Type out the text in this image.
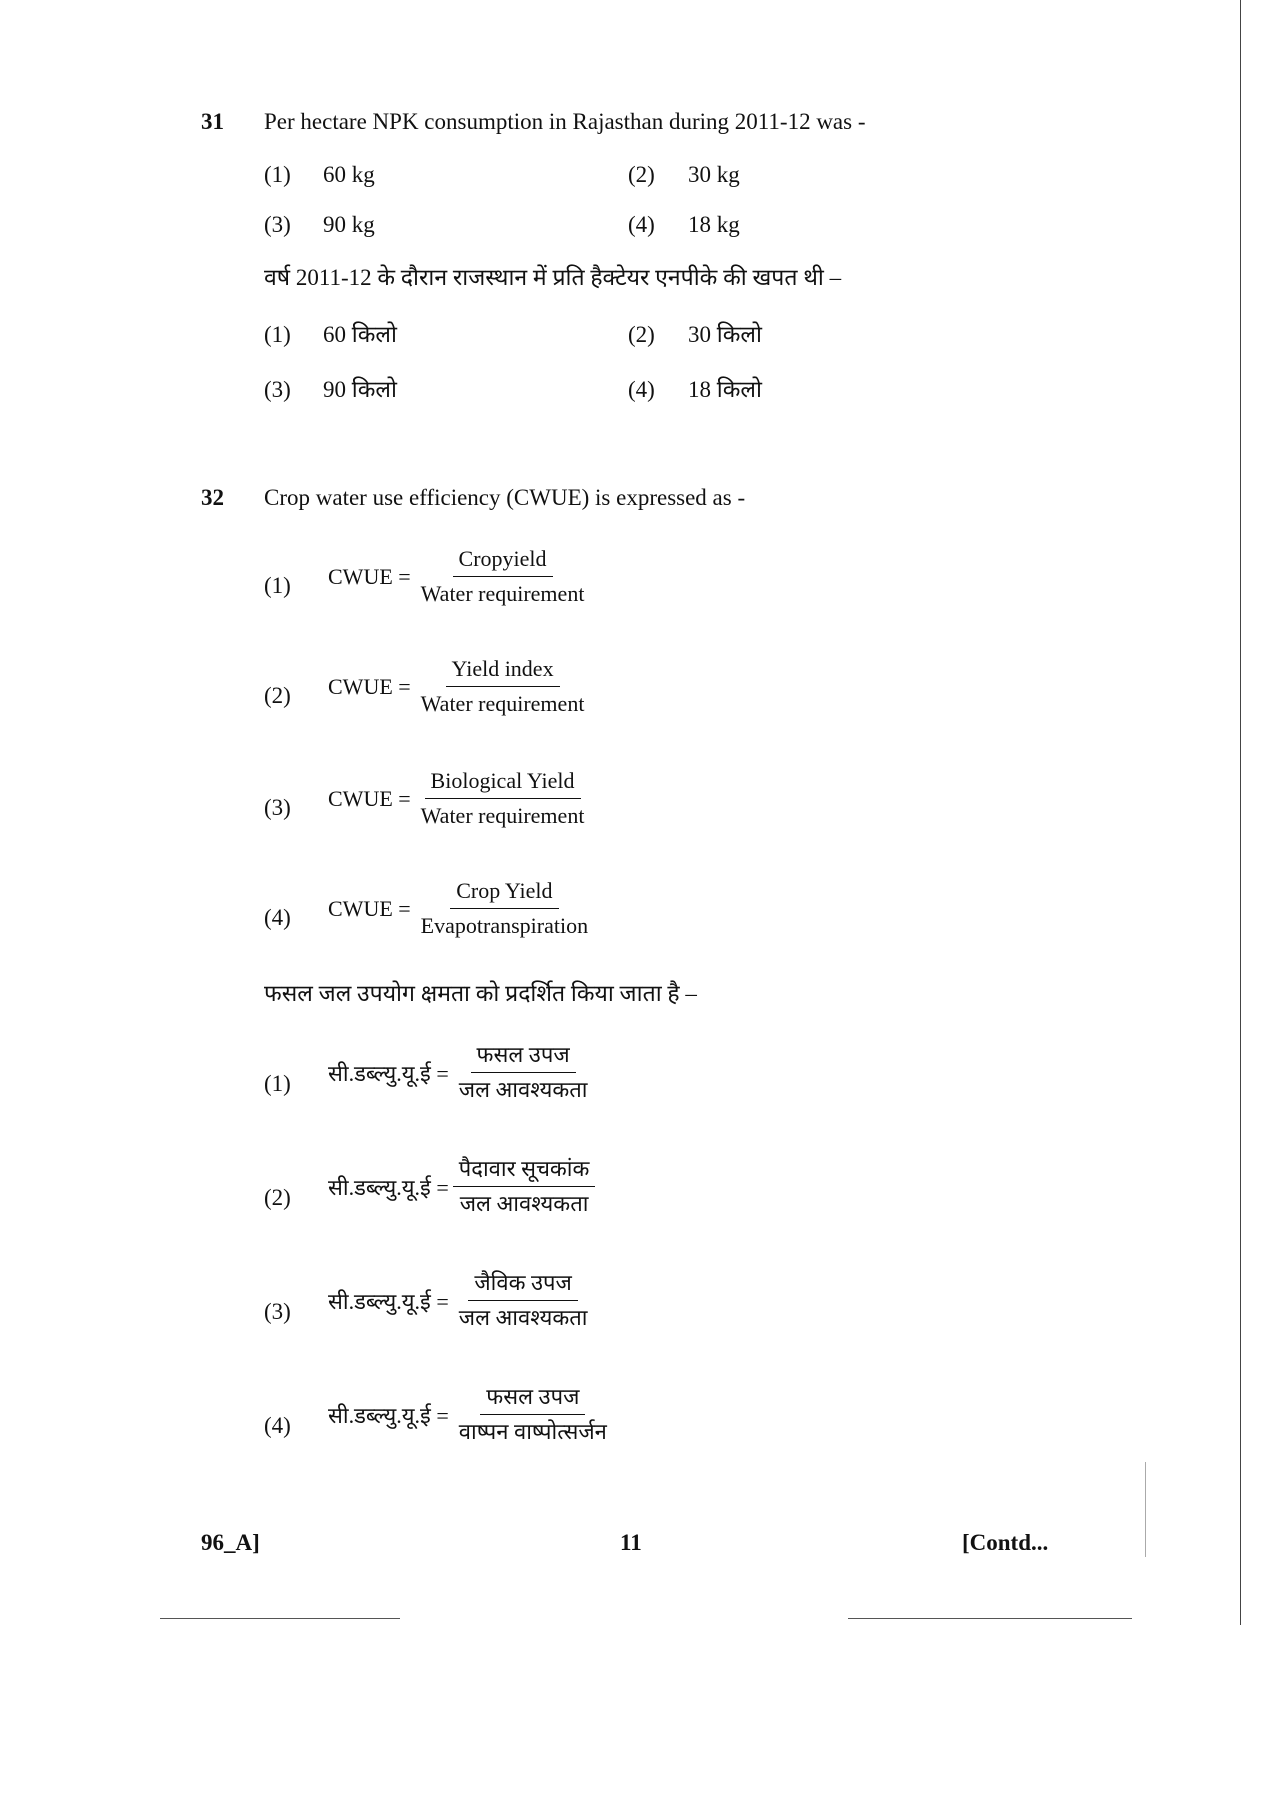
31 Per hectare NPK consumption in Rajasthan during 2011-12 was -
(1) 60 kg	(2) 30 kg
(3) 90 kg	(4) 18 kg
वर्ष 2011-12 के दौरान राजस्थान में प्रति हैक्टेयर एनपीके की खपत थी –
(1) 60 किलो	(2) 30 किलो
(3) 90 किलो	(4) 18 किलो
32 Crop water use efficiency (CWUE) is expressed as -
(1) CWUE = $\frac{\text{Cropyield}}{\text{Water requirement}}$
(2) CWUE = $\frac{\text{Yield index}}{\text{Water requirement}}$
(3) CWUE = $\frac{\text{Biological Yield}}{\text{Water requirement}}$
(4) CWUE = $\frac{\text{Crop Yield}}{\text{Evapotranspiration}}$
फसल जल उपयोग क्षमता को प्रदर्शित किया जाता है –
(1) सी.डब्ल्यु.यू.ई = $\frac{\text{फसल उपज}}{\text{जल आवश्यकता}}$
(2) सी.डब्ल्यु.यू.ई = $\frac{\text{पैदावार सूचकांक}}{\text{जल आवश्यकता}}$
(3) सी.डब्ल्यु.यू.ई = $\frac{\text{जैविक उपज}}{\text{जल आवश्यकता}}$
(4) सी.डब्ल्यु.यू.ई = $\frac{\text{फसल उपज}}{\text{वाष्पन वाष्पोत्सर्जन}}$
96_A]	11	[Contd...
